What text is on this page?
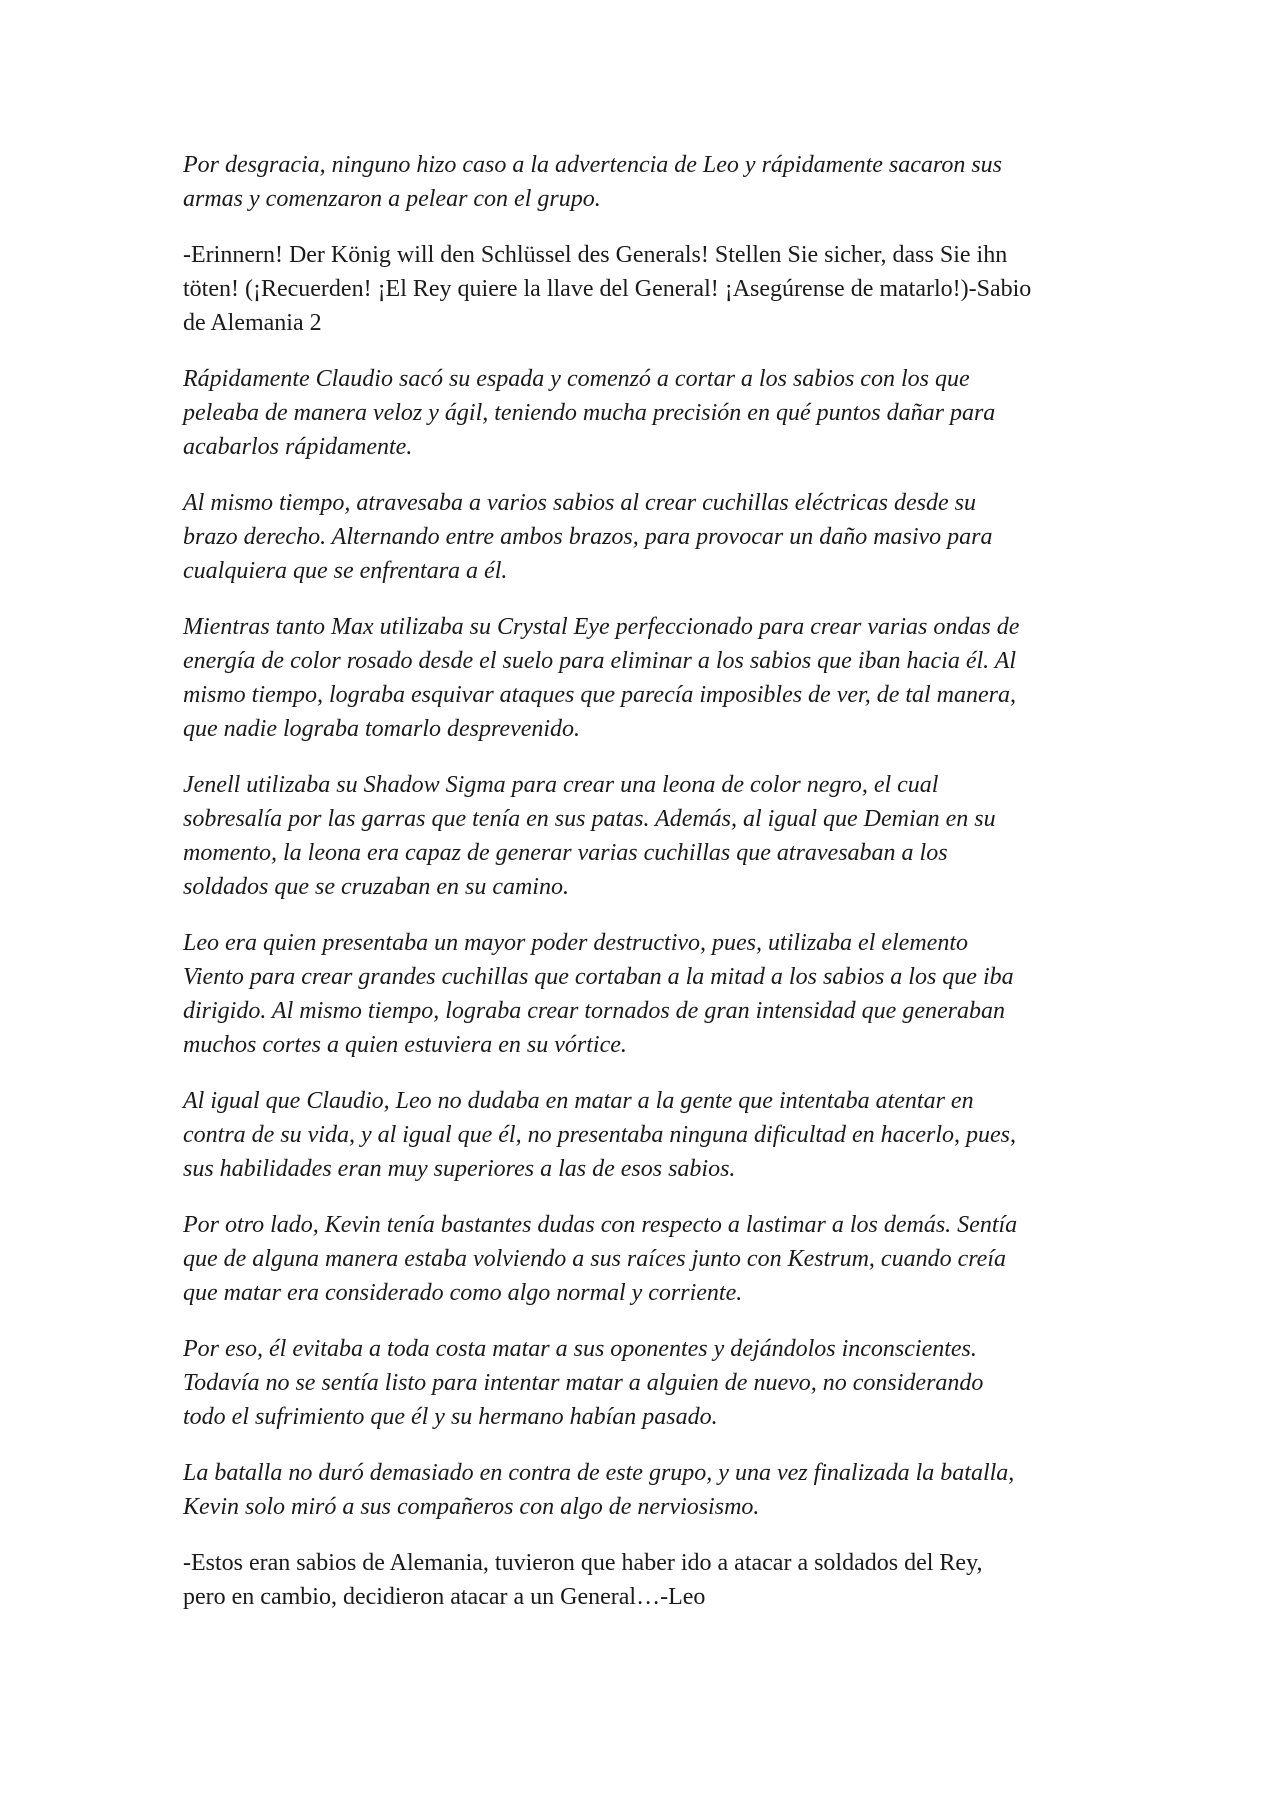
Por desgracia, ninguno hizo caso a la advertencia de Leo y rápidamente sacaron sus
armas y comenzaron a pelear con el grupo.

-Erinnern! Der König will den Schlüssel des Generals! Stellen Sie sicher, dass Sie ihn
töten! (¡Recuerden! ¡El Rey quiere la llave del General! ¡Asegúrense de matarlo!)-Sabio
de Alemania 2

Rápidamente Claudio sacó su espada y comenzó a cortar a los sabios con los que
peleaba de manera veloz y ágil, teniendo mucha precisión en qué puntos dañar para
acabarlos rápidamente.

Al mismo tiempo, atravesaba a varios sabios al crear cuchillas eléctricas desde su
brazo derecho. Alternando entre ambos brazos, para provocar un daño masivo para
cualquiera que se enfrentara a él.

Mientras tanto Max utilizaba su Crystal Eye perfeccionado para crear varias ondas de
energía de color rosado desde el suelo para eliminar a los sabios que iban hacia él. Al
mismo tiempo, lograba esquivar ataques que parecía imposibles de ver, de tal manera,
que nadie lograba tomarlo desprevenido.

Jenell utilizaba su Shadow Sigma para crear una leona de color negro, el cual
sobresalía por las garras que tenía en sus patas. Además, al igual que Demian en su
momento, la leona era capaz de generar varias cuchillas que atravesaban a los
soldados que se cruzaban en su camino.

Leo era quien presentaba un mayor poder destructivo, pues, utilizaba el elemento
Viento para crear grandes cuchillas que cortaban a la mitad a los sabios a los que iba
dirigido. Al mismo tiempo, lograba crear tornados de gran intensidad que generaban
muchos cortes a quien estuviera en su vórtice.

Al igual que Claudio, Leo no dudaba en matar a la gente que intentaba atentar en
contra de su vida, y al igual que él, no presentaba ninguna dificultad en hacerlo, pues,
sus habilidades eran muy superiores a las de esos sabios.

Por otro lado, Kevin tenía bastantes dudas con respecto a lastimar a los demás. Sentía
que de alguna manera estaba volviendo a sus raíces junto con Kestrum, cuando creía
que matar era considerado como algo normal y corriente.

Por eso, él evitaba a toda costa matar a sus oponentes y dejándolos inconscientes.
Todavía no se sentía listo para intentar matar a alguien de nuevo, no considerando
todo el sufrimiento que él y su hermano habían pasado.

La batalla no duró demasiado en contra de este grupo, y una vez finalizada la batalla,
Kevin solo miró a sus compañeros con algo de nerviosismo.

-Estos eran sabios de Alemania, tuvieron que haber ido a atacar a soldados del Rey,
pero en cambio, decidieron atacar a un General…-Leo
